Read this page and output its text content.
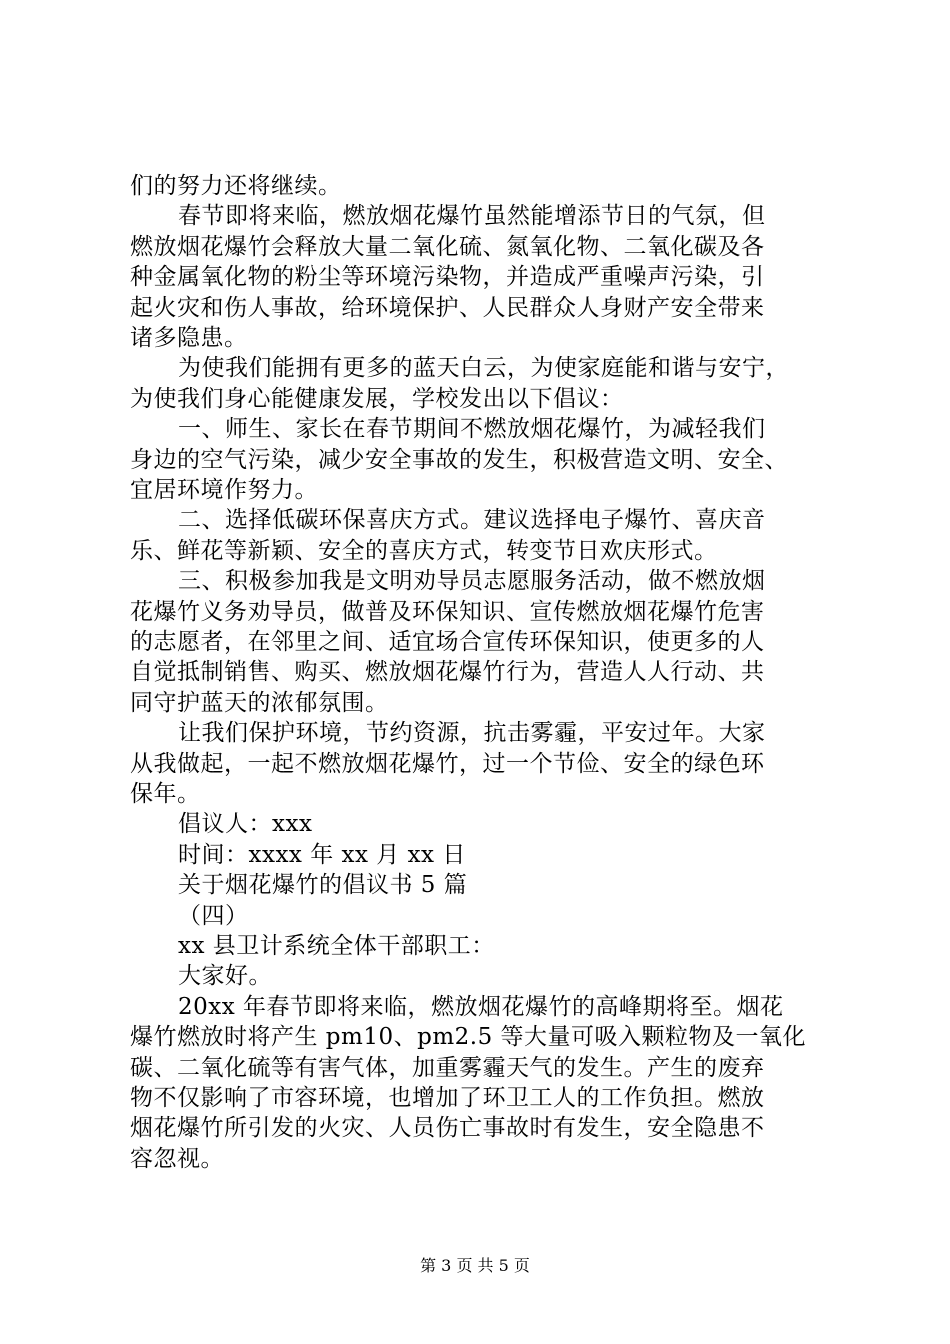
们的努力还将继续。
春节即将来临，燃放烟花爆竹虽然能增添节日的气氛，但
燃放烟花爆竹会释放大量二氧化硫、氮氧化物、二氧化碳及各
种金属氧化物的粉尘等环境污染物，并造成严重噪声污染，引
起火灾和伤人事故，给环境保护、人民群众人身财产安全带来
诸多隐患。
为使我们能拥有更多的蓝天白云，为使家庭能和谐与安宁，
为使我们身心能健康发展，学校发出以下倡议：
一、师生、家长在春节期间不燃放烟花爆竹，为减轻我们
身边的空气污染，减少安全事故的发生，积极营造文明、安全、
宜居环境作努力。
二、选择低碳环保喜庆方式。建议选择电子爆竹、喜庆音
乐、鲜花等新颖、安全的喜庆方式，转变节日欢庆形式。
三、积极参加我是文明劝导员志愿服务活动，做不燃放烟
花爆竹义务劝导员，做普及环保知识、宣传燃放烟花爆竹危害
的志愿者，在邻里之间、适宜场合宣传环保知识，使更多的人
自觉抵制销售、购买、燃放烟花爆竹行为，营造人人行动、共
同守护蓝天的浓郁氛围。
让我们保护环境，节约资源，抗击雾霾，平安过年。大家
从我做起，一起不燃放烟花爆竹，过一个节俭、安全的绿色环
保年。
倡议人：xxx
时间：xxxx 年 xx 月 xx 日
关于烟花爆竹的倡议书 5 篇
（四）
xx 县卫计系统全体干部职工：
大家好。
20xx 年春节即将来临，燃放烟花爆竹的高峰期将至。烟花
爆竹燃放时将产生 pm10、pm2.5 等大量可吸入颗粒物及一氧化
碳、二氧化硫等有害气体，加重雾霾天气的发生。产生的废弃
物不仅影响了市容环境，也增加了环卫工人的工作负担。燃放
烟花爆竹所引发的火灾、人员伤亡事故时有发生，安全隐患不
容忽视。
第 3 页 共 5 页
